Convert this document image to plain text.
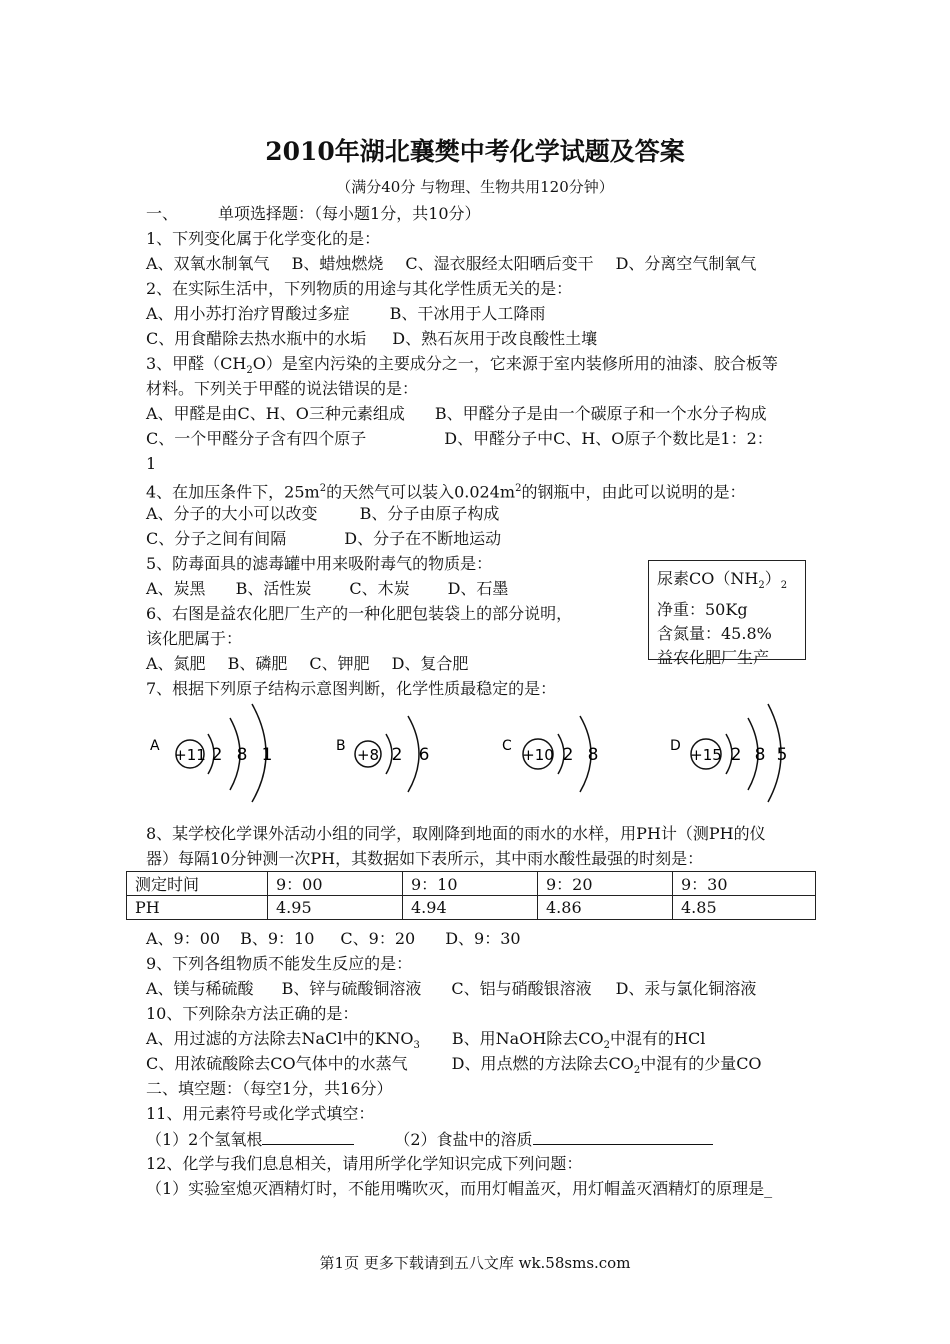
2010年湖北襄樊中考化学试题及答案
（满分40分 与物理、生物共用120分钟）
一、	单项选择题：（每小题1分，共10分）
1、下列变化属于化学变化的是：
A、双氧水制氧气 B、蜡烛燃烧 C、湿衣服经太阳晒后变干 D、分离空气制氧气
2、在实际生活中，下列物质的用途与其化学性质无关的是：
A、用小苏打治疗胃酸过多症	B、干冰用于人工降雨
C、用食醋除去热水瓶中的水垢 D、熟石灰用于改良酸性土壤
3、甲醛$(CH_2O)$是室内污染的主要成分之一，它来源于室内装修所用的油漆、胶合板等
材料。下列关于甲醛的说法错误的是：
A、甲醛是由C、H、O三种元素组成 B、甲醛分子是由一个碳原子和一个水分子构成
C、一个甲醛分子含有四个原子	D、甲醛分子中C、H、O原子个数比是1：2：
1
4、在加压条件下，$25m^2$的天然气可以装入$0.024m^2$的钢瓶中，由此可以说明的是：
A、分子的大小可以改变	B、分子由原子构成
C、分子之间有间隔	D、分子在不断地运动
5、防毒面具的滤毒罐中用来吸附毒气的物质是：
A、炭黑 B、活性炭 C、木炭 D、石墨
6、右图是益农化肥厂生产的一种化肥包装袋上的部分说明，
该化肥属于：
A、氮肥 B、磷肥 C、钾肥 D、复合肥
尿素$CO(NH_2)_2$
净重：50Kg
含氮量：45.8%
益农化肥厂生产
7、根据下列原子结构示意图判断，化学性质最稳定的是：
A +11 2 8 1	B +8 2 6	C +10 2 8	D +15 2 8 5
8、某学校化学课外活动小组的同学，取刚降到地面的雨水的水样，用PH计（测PH的仪
器）每隔10分钟测一次PH，其数据如下表所示，其中雨水酸性最强的时刻是：
测定时间	9：00	9：10	9：20	9：30
PH	4.95	4.94	4.86	4.85
A、9：00 B、9：10 C、9：20 D、9：30
9、下列各组物质不能发生反应的是：
A、镁与稀硫酸 B、锌与硫酸铜溶液 C、铝与硝酸银溶液 D、汞与氯化铜溶液
10、下列除杂方法正确的是：
A、用过滤的方法除去NaCl中的$KNO_3$ B、用NaOH除去$CO_2$中混有的HCl
C、用浓硫酸除去CO气体中的水蒸气	D、用点燃的方法除去$CO_2$中混有的少量CO
二、填空题：（每空1分，共16分）
11、用元素符号或化学式填空：
（1）2个氢氧根	（2）食盐中的溶质
12、化学与我们息息相关，请用所学化学知识完成下列问题：
（1）实验室熄灭酒精灯时，不能用嘴吹灭，而用灯帽盖灭，用灯帽盖灭酒精灯的原理是_
第1页 更多下载请到五八文库 wk.58sms.com
